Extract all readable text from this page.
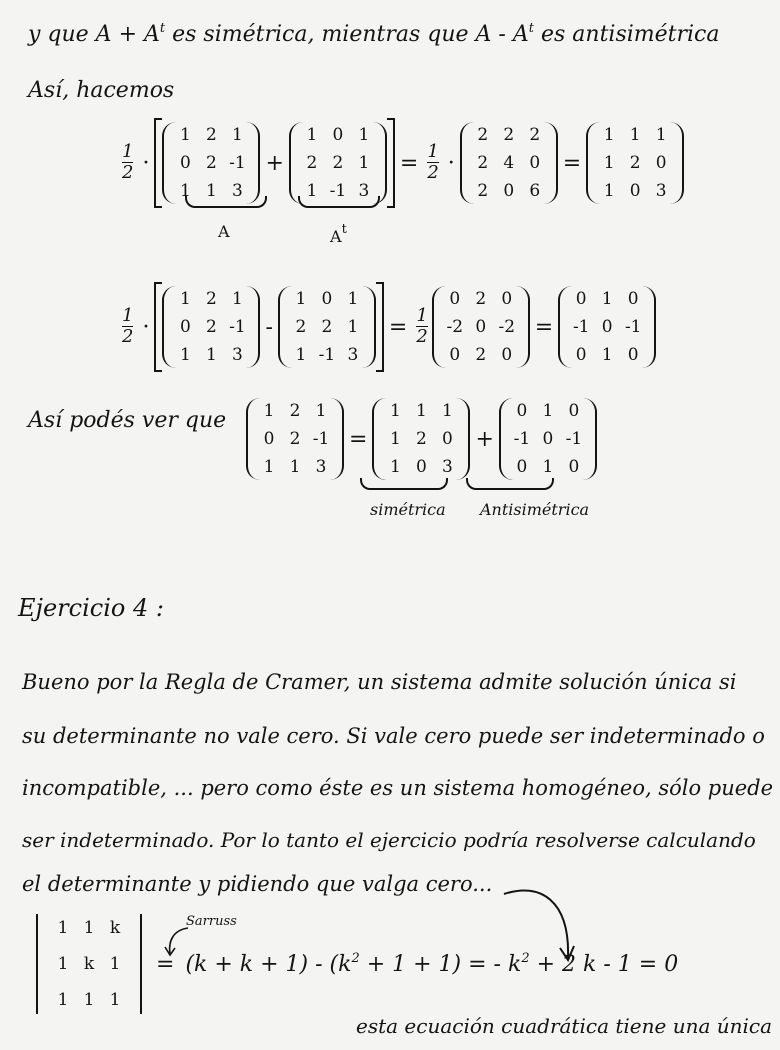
y que $A + A^t$ es simétrica, mientras que A - $A^t$ es antisimétrica
Así, hacemos
$\frac{1}{2}$ ·
1 2 1
0 2 -1
1 1 3
+
1 0 1
2 2 1
1 -1 3
= $\frac{1}{2}$ ·
2 2 2
2 4 0
2 0 6
=
1 1 1
1 2 0
1 0 3
A	$A^t$
$\frac{1}{2}$ ·
1 2 1
0 2 -1
1 1 3
-
1 0 1
2 2 1
1 -1 3
= $\frac{1}{2}$
0 2 0
-2 0 -2
0 2 0
=
0 1 0
-1 0 -1
0 1 0
Así podés ver que	1 2 1
0 2 -1
1 1 3
=
1 1 1
1 2 0
1 0 3
+
0 1 0
-1 0 -1
0 1 0
simétrica Antisimétrica
Ejercicio 4 :
Bueno por la Regla de Cramer, un sistema admite solución única si
su determinante no vale cero. Si vale cero puede ser indeterminado o
incompatible, ... pero como éste es un sistema homogéneo, sólo puede
ser indeterminado. Por lo tanto el ejercicio podría resolverse calculando
el determinante y pidiendo que valga cero...
1 1 k
1 k 1
1 1 1
= $(k + k + 1) - (k^2 + 1 + 1)$ = - $k^2 + 2$ k - 1 = 0
Sarruss
esta ecuación cuadrática tiene una única
